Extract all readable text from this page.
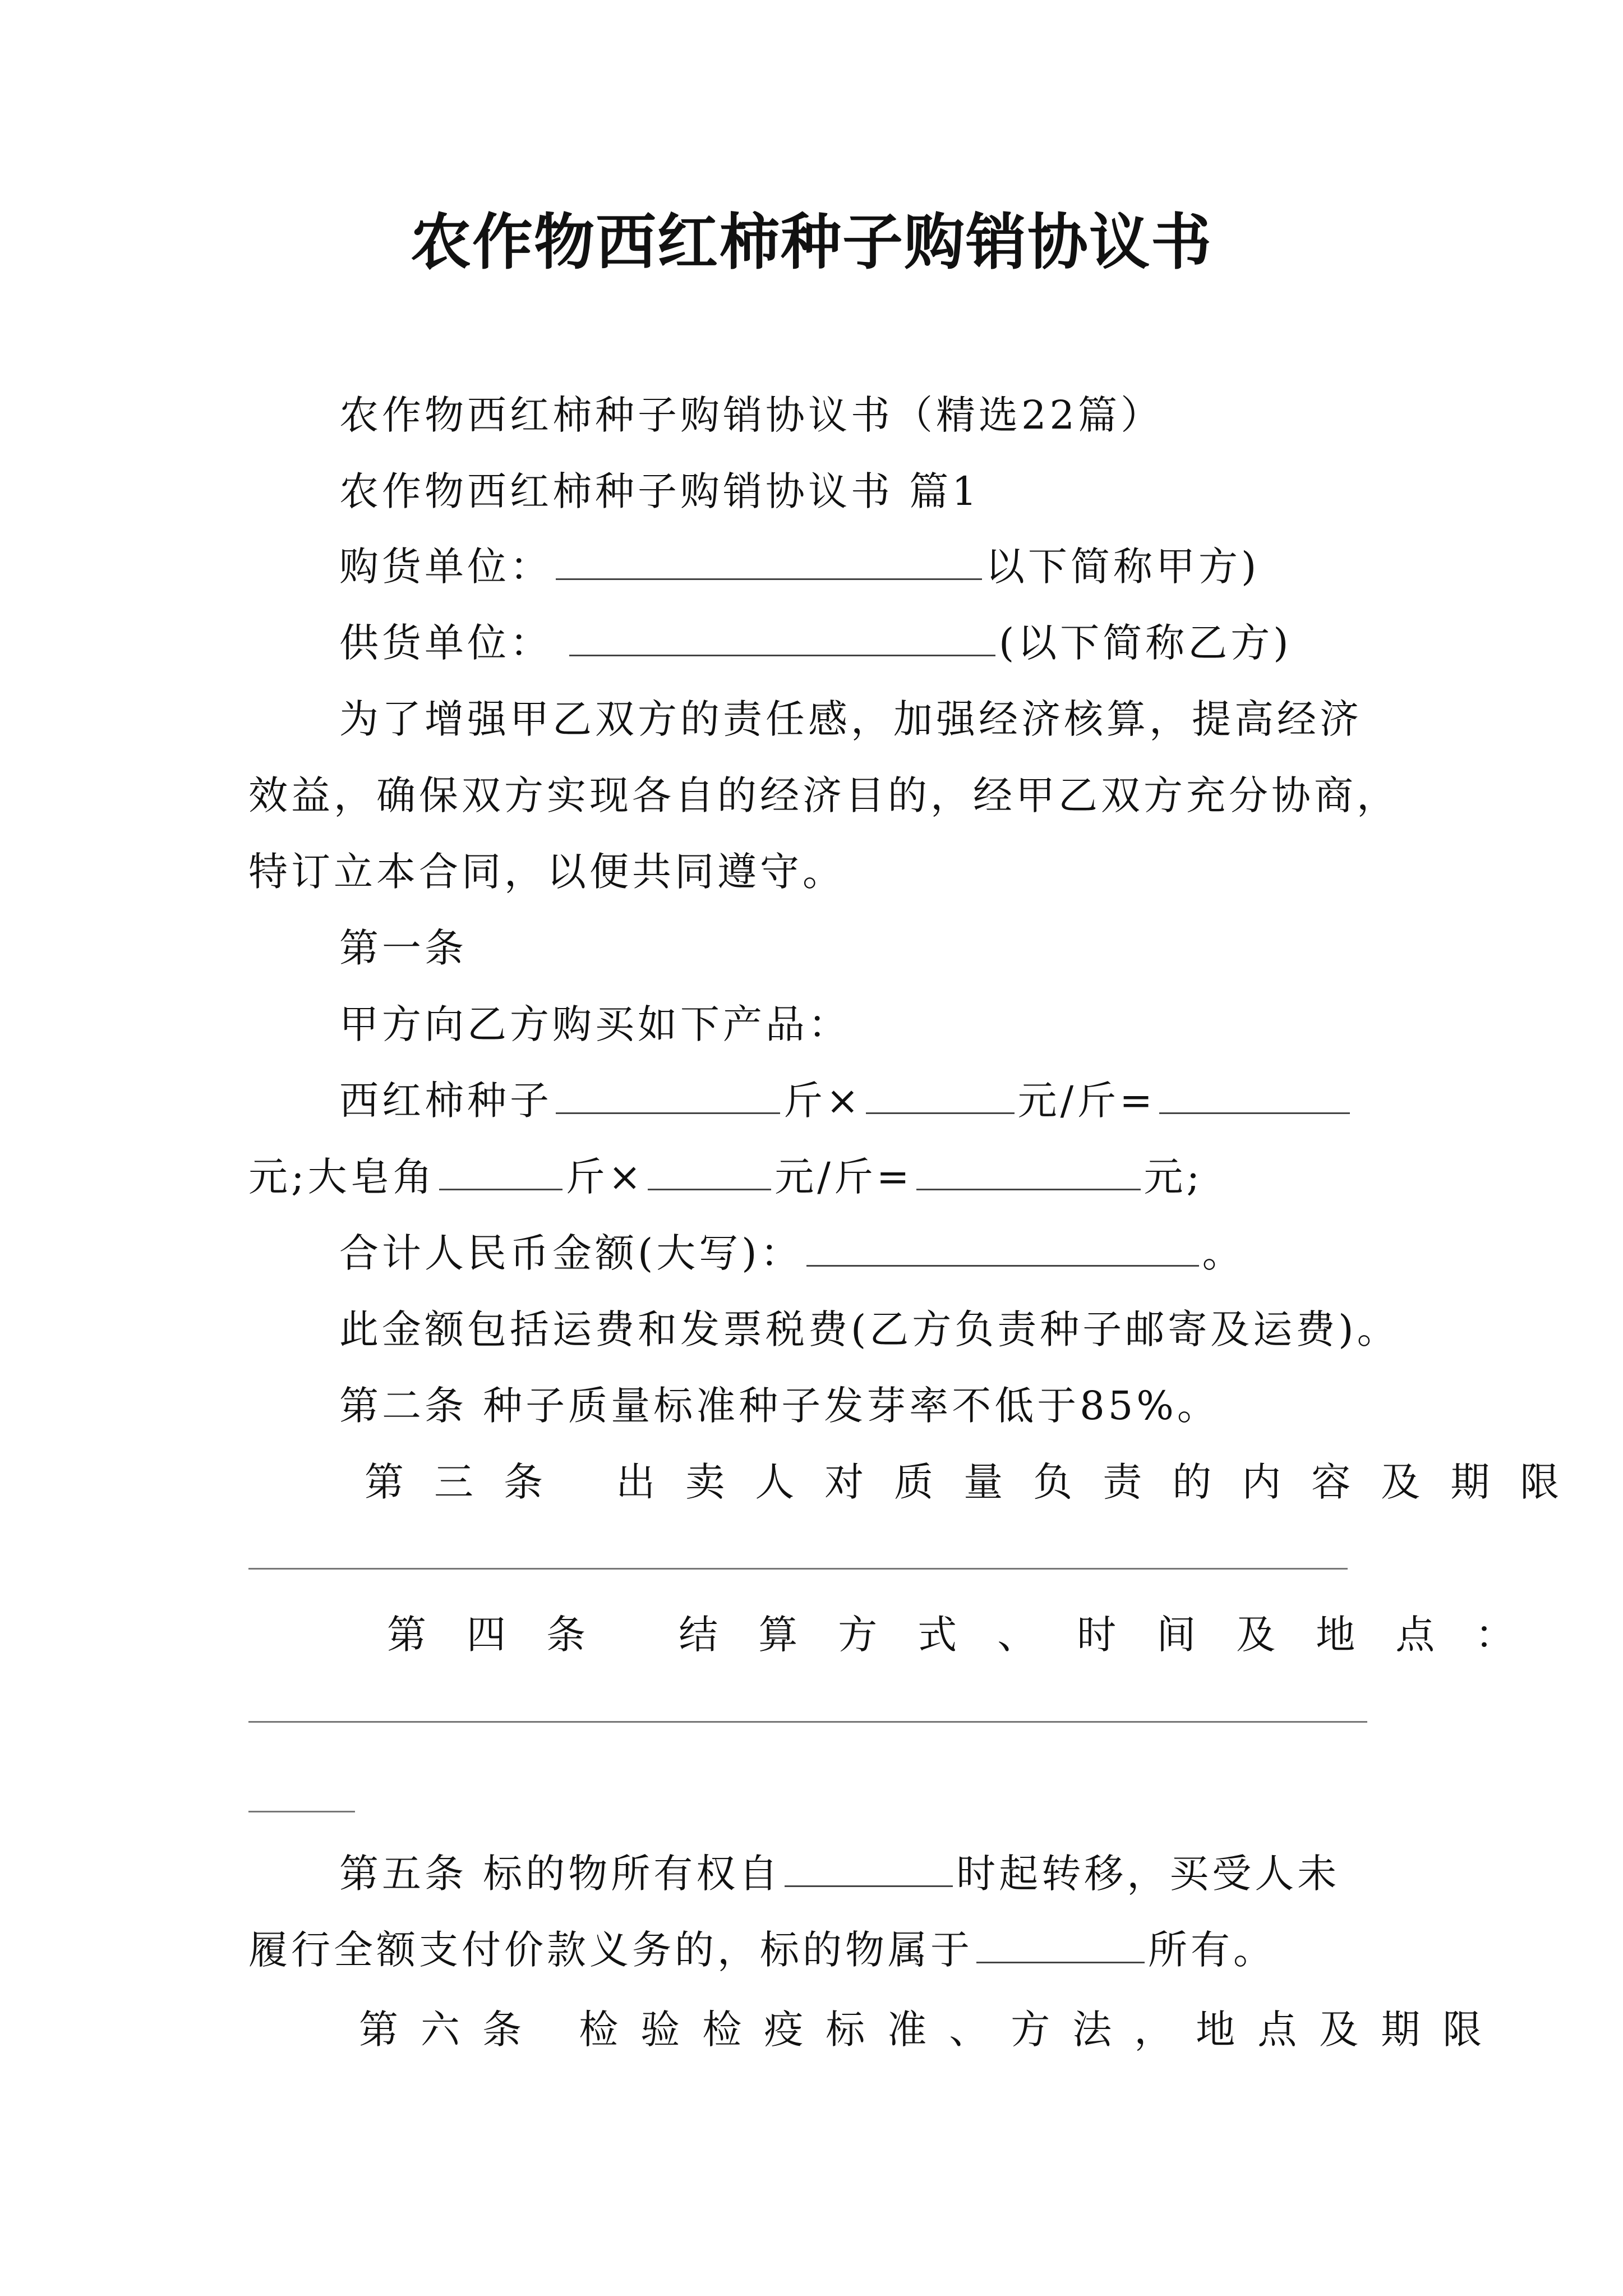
农作物西红柿种子购销协议书
农作物西红柿种子购销协议书（精选22篇）
农作物西红柿种子购销协议书 篇1
购货单位：	以下简称甲方)
供货单位：	(以下简称乙方)
为了增强甲乙双方的责任感，加强经济核算，提高经济
效益，确保双方实现各自的经济目的，经甲乙双方充分协商，
特订立本合同，以便共同遵守。
第一条
甲方向乙方购买如下产品：
西红柿种子	斤×	元/斤=
元;大皂角	斤×	元/斤=	元;
合计人民币金额(大写)：	。
此金额包括运费和发票税费(乙方负责种子邮寄及运费)。
第二条 种子质量标准种子发芽率不低于85%。
第三条 出卖人对质量负责的内容及期限
第四条 结算方式、时间及地点：
第五条 标的物所有权自	时起转移，买受人未
履行全额支付价款义务的，标的物属于	所有。
第六条 检验检疫标准、方法，地点及期限
